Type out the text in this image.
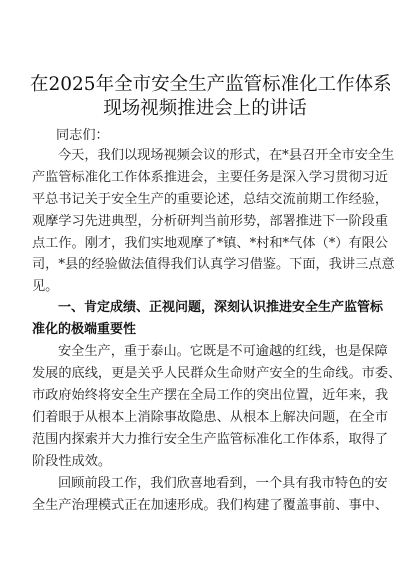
在2025年全市安全生产监管标准化工作体系
现场视频推进会上的讲话
同志们：
今天，我们以现场视频会议的形式，在*县召开全市安全生
产监管标准化工作体系推进会，主要任务是深入学习贯彻习近
平总书记关于安全生产的重要论述，总结交流前期工作经验，
观摩学习先进典型，分析研判当前形势，部署推进下一阶段重
点工作。刚才，我们实地观摩了*镇、*村和*气体（*）有限公
司，*县的经验做法值得我们认真学习借鉴。下面，我讲三点意
见。
一、肯定成绩、正视问题，深刻认识推进安全生产监管标
准化的极端重要性
安全生产，重于泰山。它既是不可逾越的红线，也是保障
发展的底线，更是关乎人民群众生命财产安全的生命线。市委、
市政府始终将安全生产摆在全局工作的突出位置，近年来，我
们着眼于从根本上消除事故隐患、从根本上解决问题，在全市
范围内探索并大力推行安全生产监管标准化工作体系，取得了
阶段性成效。
回顾前段工作，我们欣喜地看到，一个具有我市特色的安
全生产治理模式正在加速形成。我们构建了覆盖事前、事中、
